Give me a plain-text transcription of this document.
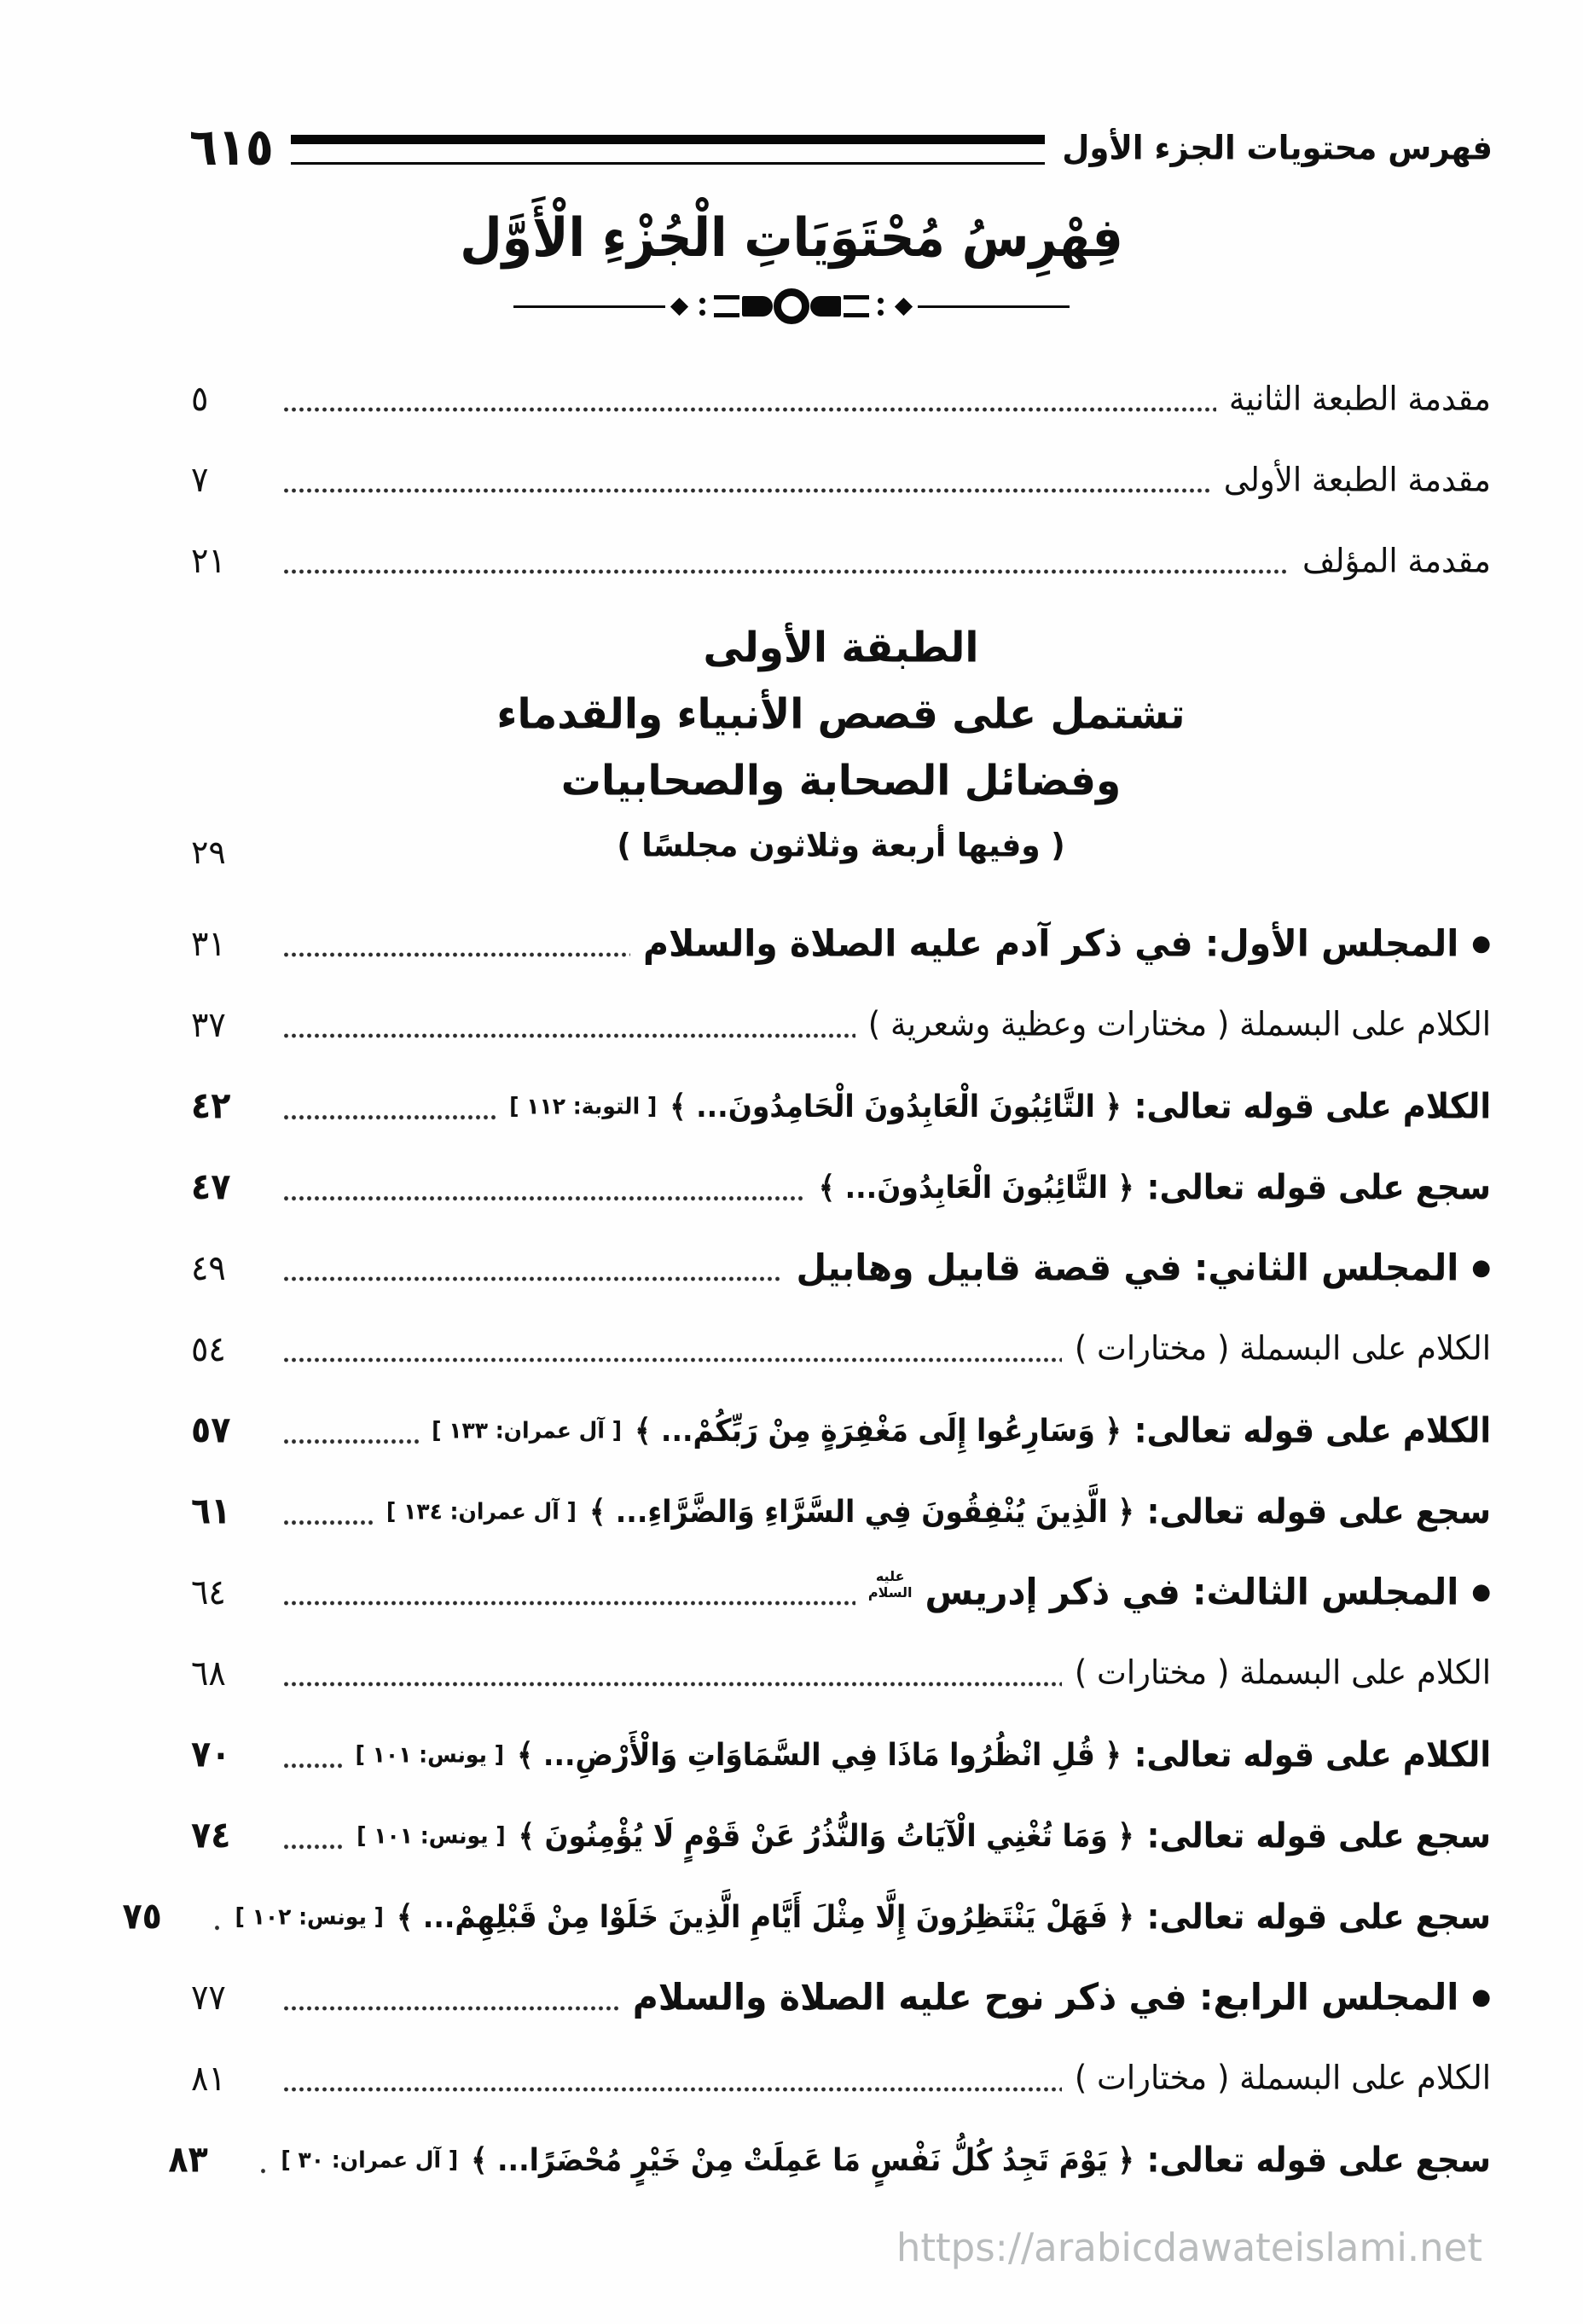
٦١٥	فهرس محتويات الجزء الأول
فِهْرِسُ مُحْتَوَيَاتِ الْجُزْءِ الْأَوَّل
مقدمة الطبعة الثانية
٥
مقدمة الطبعة الأولى
٧
مقدمة المؤلف
٢١
الطبقة الأولى
تشتمل على قصص الأنبياء والقدماء
وفضائل الصحابة والصحابيات
( وفيها أربعة وثلاثون مجلسًا )
٢٩
●
المجلس الأول: في ذكر آدم عليه الصلاة والسلام
٣١
الكلام على البسملة ( مختارات وعظية وشعرية )
٣٧
الكلام على قوله تعالى:
﴿ التَّائِبُونَ الْعَابِدُونَ الْحَامِدُونَ... ﴾
[ التوبة: ١١٢ ]
٤٢
سجع على قوله تعالى:
﴿ التَّائِبُونَ الْعَابِدُونَ... ﴾
٤٧
●
المجلس الثاني: في قصة قابيل وهابيل
٤٩
الكلام على البسملة ( مختارات )
٥٤
الكلام على قوله تعالى:
﴿ وَسَارِعُوا إِلَى مَغْفِرَةٍ مِنْ رَبِّكُمْ... ﴾
[ آل عمران: ١٣٣ ]
٥٧
سجع على قوله تعالى:
﴿ الَّذِينَ يُنْفِقُونَ فِي السَّرَّاءِ وَالضَّرَّاءِ... ﴾
[ آل عمران: ١٣٤ ]
٦١
●
المجلس الثالث: في ذكر إدريس
عليه
السلام
٦٤
الكلام على البسملة ( مختارات )
٦٨
الكلام على قوله تعالى:
﴿ قُلِ انْظُرُوا مَاذَا فِي السَّمَاوَاتِ وَالْأَرْضِ... ﴾
[ يونس: ١٠١ ]
٧٠
سجع على قوله تعالى:
﴿ وَمَا تُغْنِي الْآيَاتُ وَالنُّذُرُ عَنْ قَوْمٍ لَا يُؤْمِنُونَ ﴾
[ يونس: ١٠١ ]
٧٤
سجع على قوله تعالى:
﴿ فَهَلْ يَنْتَظِرُونَ إِلَّا مِثْلَ أَيَّامِ الَّذِينَ خَلَوْا مِنْ قَبْلِهِمْ... ﴾
[ يونس: ١٠٢ ]
٧٥
●
المجلس الرابع: في ذكر نوح عليه الصلاة والسلام
٧٧
الكلام على البسملة ( مختارات )
٨١
سجع على قوله تعالى:
﴿ يَوْمَ تَجِدُ كُلُّ نَفْسٍ مَا عَمِلَتْ مِنْ خَيْرٍ مُحْضَرًا... ﴾
[ آل عمران: ٣٠ ]
٨٣
https://arabicdawateislami.net
